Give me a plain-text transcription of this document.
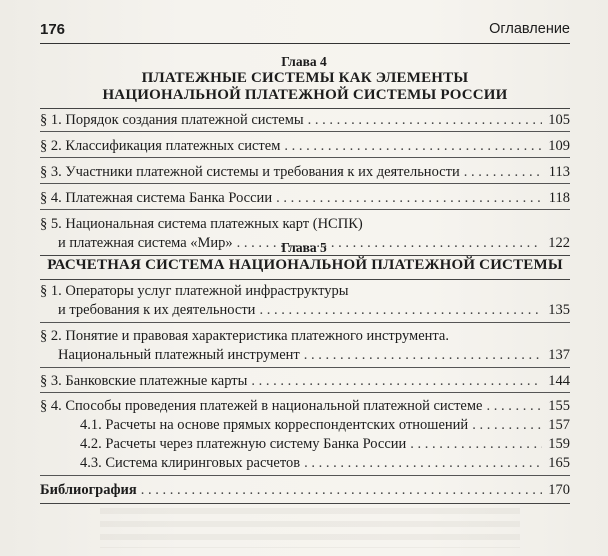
176	Оглавление
Глава 4
ПЛАТЕЖНЫЕ СИСТЕМЫ КАК ЭЛЕМЕНТЫ
НАЦИОНАЛЬНОЙ ПЛАТЕЖНОЙ СИСТЕМЫ РОССИИ
§ 1. Порядок создания платежной системы . . .	105
§ 2. Классификация платежных систем . . .	109
§ 3. Участники платежной системы и требования к их деятельности . . .	113
§ 4. Платежная система Банка России . . .	118
§ 5. Национальная система платежных карт (НСПК)
и платежная система «Мир» . . .	122
Глава 5
РАСЧЕТНАЯ СИСТЕМА НАЦИОНАЛЬНОЙ ПЛАТЕЖНОЙ СИСТЕМЫ
§ 1. Операторы услуг платежной инфраструктуры
и требования к их деятельности . . .	135
§ 2. Понятие и правовая характеристика платежного инструмента.
Национальный платежный инструмент . . .	137
§ 3. Банковские платежные карты . . .	144
§ 4. Способы проведения платежей в национальной платежной системе . . .	155
4.1. Расчеты на основе прямых корреспондентских отношений . . .	157
4.2. Расчеты через платежную систему Банка России . . .	159
4.3. Система клиринговых расчетов . . .	165
Библиография . . .	170
